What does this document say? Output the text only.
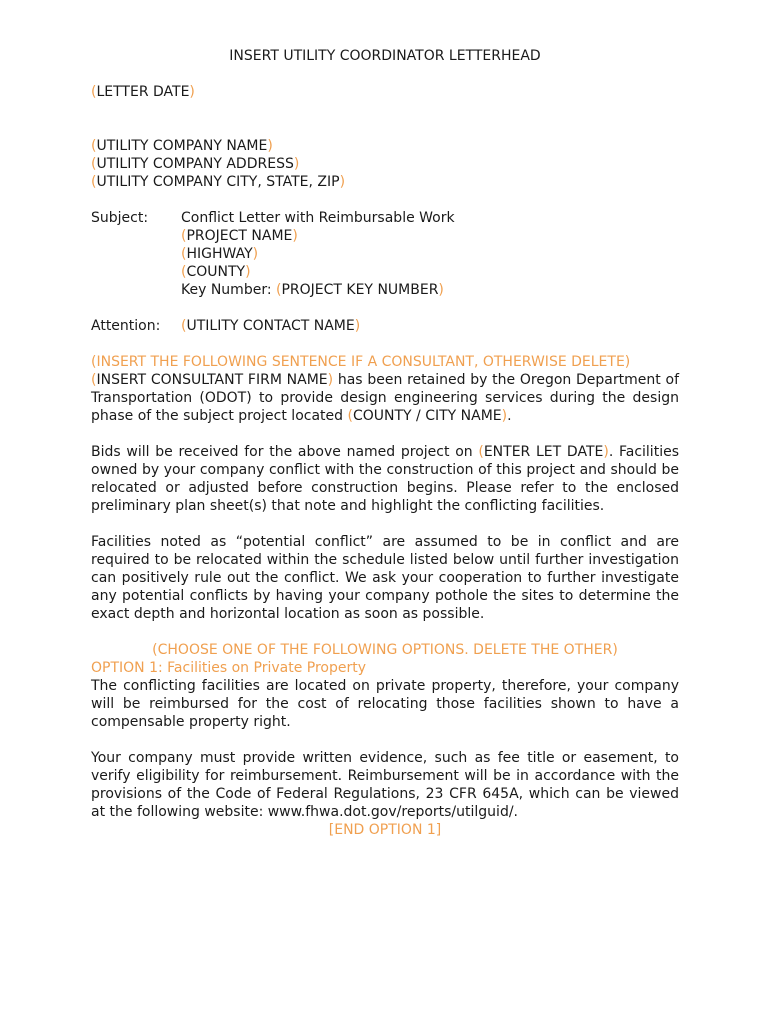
INSERT UTILITY COORDINATOR LETTERHEAD
(LETTER DATE)
(UTILITY COMPANY NAME)
(UTILITY COMPANY ADDRESS)
(UTILITY COMPANY CITY, STATE, ZIP)
Subject:	Conflict Letter with Reimbursable Work
(PROJECT NAME)
(HIGHWAY)
(COUNTY)
Key Number: (PROJECT KEY NUMBER)
Attention:	(UTILITY CONTACT NAME)
(INSERT THE FOLLOWING SENTENCE IF A CONSULTANT, OTHERWISE DELETE)
(INSERT CONSULTANT FIRM NAME) has been retained by the Oregon Department of Transportation (ODOT) to provide design engineering services during the design phase of the subject project located (COUNTY / CITY NAME).
Bids will be received for the above named project on (ENTER LET DATE). Facilities owned by your company conflict with the construction of this project and should be relocated or adjusted before construction begins. Please refer to the enclosed preliminary plan sheet(s) that note and highlight the conflicting facilities.
Facilities noted as “potential conflict” are assumed to be in conflict and are required to be relocated within the schedule listed below until further investigation can positively rule out the conflict. We ask your cooperation to further investigate any potential conflicts by having your company pothole the sites to determine the exact depth and horizontal location as soon as possible.
(CHOOSE ONE OF THE FOLLOWING OPTIONS. DELETE THE OTHER)
OPTION 1: Facilities on Private Property
The conflicting facilities are located on private property, therefore, your company will be reimbursed for the cost of relocating those facilities shown to have a compensable property right.
Your company must provide written evidence, such as fee title or easement, to verify eligibility for reimbursement. Reimbursement will be in accordance with the provisions of the Code of Federal Regulations, 23 CFR 645A, which can be viewed at the following website: www.fhwa.dot.gov/reports/utilguid/.
[END OPTION 1]
